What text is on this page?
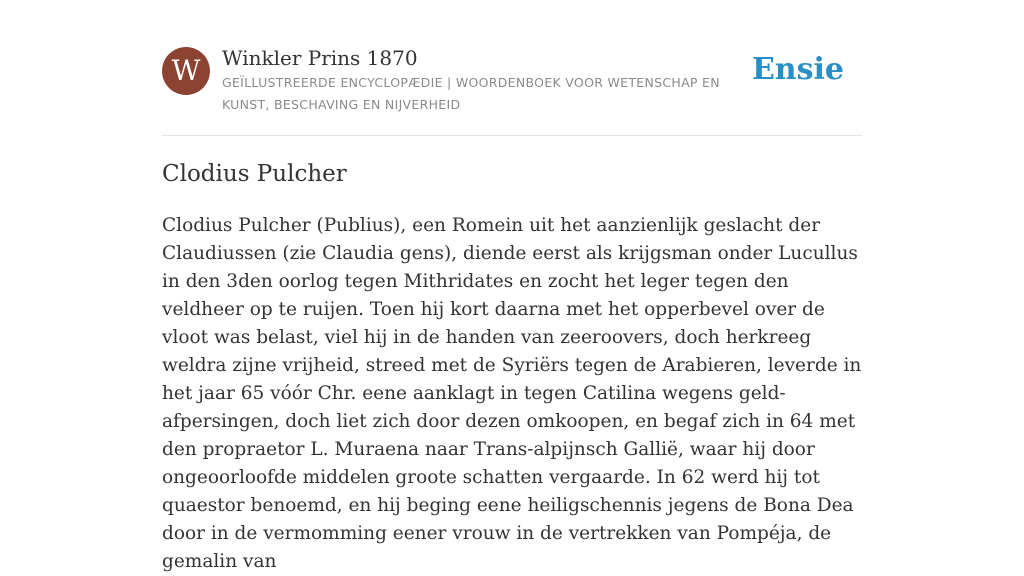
W	Winkler Prins 1870
GEÏLLUSTREERDE ENCYCLOPÆDIE | WOORDENBOEK VOOR WETENSCHAP EN KUNST, BESCHAVING EN NIJVERHEID
Ensie
Clodius Pulcher
Clodius Pulcher (Publius), een Romein uit het aanzienlijk geslacht der Claudiussen (zie Claudia gens), diende eerst als krijgsman onder Lucullus in den 3den oorlog tegen Mithridates en zocht het leger tegen den veldheer op te ruijen. Toen hij kort daarna met het opperbevel over de vloot was belast, viel hij in de handen van zeeroovers, doch herkreeg weldra zijne vrijheid, streed met de Syriërs tegen de Arabieren, leverde in het jaar 65 vóór Chr. eene aanklagt in tegen Catilina wegens geld-afpersingen, doch liet zich door dezen omkoopen, en begaf zich in 64 met den propraetor L. Muraena naar Trans-alpijnsch Gallië, waar hij door ongeoorloofde middelen groote schatten vergaarde. In 62 werd hij tot quaestor benoemd, en hij beging eene heiligschennis jegens de Bona Dea door in de vermomming eener vrouw in de vertrekken van Pompéja, de gemalin van
